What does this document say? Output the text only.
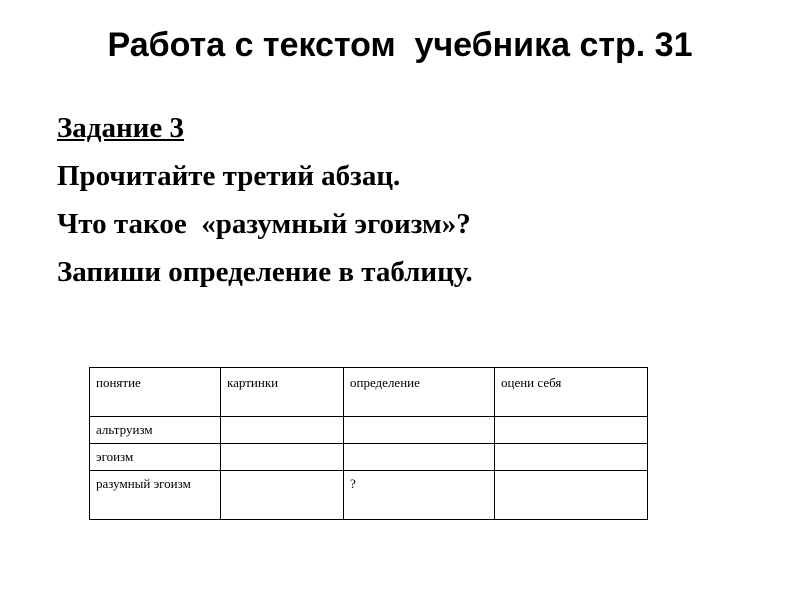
Работа с текстом  учебника стр. 31
Задание 3
Прочитайте третий абзац.
Что такое  «разумный эгоизм»?
Запиши определение в таблицу.
понятие	картинки	определение	оцени себя
альтруизм			
эгоизм			
разумный эгоизм		?	
